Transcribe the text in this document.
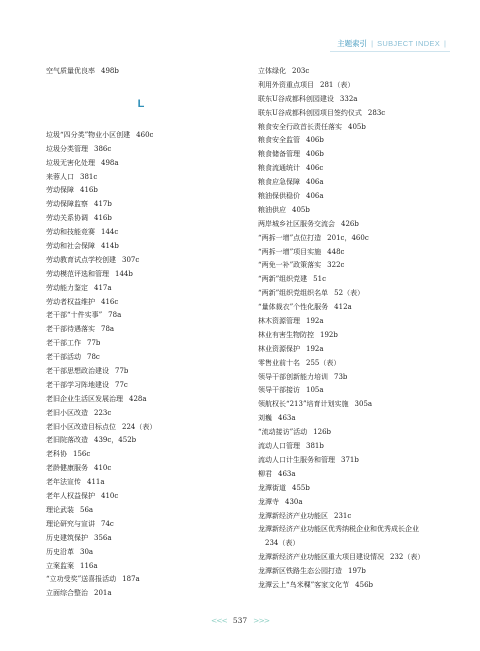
主题索引 | SUBJECT INDEX |
空气质量优良率 498b
L
垃圾“四分类”物业小区创建 460c
垃圾分类管理 386c
垃圾无害化处理 498a
来蓉人口 381c
劳动保障 416b
劳动保障监察 417b
劳动关系协调 416b
劳动和技能竞赛 144c
劳动和社会保障 414b
劳动教育试点学校创建 307c
劳动模范评选和管理 144b
劳动能力鉴定 417a
劳动者权益维护 416c
老干部“十件实事” 78a
老干部待遇落实 78a
老干部工作 77b
老干部活动 78c
老干部思想政治建设 77b
老干部学习阵地建设 77c
老旧企业生活区发展治理 428a
老旧小区改造 223c
老旧小区改造目标点位 224（表）
老旧院落改造 439c，452b
老科协 156c
老龄健康服务 410c
老年法宣传 411a
老年人权益保护 410c
理论武装 56a
理论研究与宣讲 74c
历史建筑保护 356a
历史沿革 30a
立案监案 116a
“立功受奖”送喜报活动 187a
立面综合整治 201a
立体绿化 203c
利用外资重点项目 281（表）
联东U谷成都科创园建设 332a
联东U谷成都科创园项目签约仪式 283c
粮食安全行政首长责任落实 405b
粮食安全监管 406b
粮食储备管理 406b
粮食流通统计 406c
粮食应急保障 406a
粮油保供稳价 406a
粮油供应 405b
两岸城乡社区服务交流会 426b
“两拆一增”点位打造 201c，460c
“两拆一增”项目实施 448c
“两免一补”政策落实 322c
“两新”组织党建 51c
“两新”组织党组织名单 52（表）
“量体裁衣”个性化服务 412a
林木资源管理 192a
林业有害生物防控 192b
林业资源保护 192a
零售业前十名 255（表）
领导干部创新能力培训 73b
领导干部接访 105a
领航权长“213”培育计划实施 305a
刘巍 463a
“流动接访”活动 126b
流动人口管理 381b
流动人口计生服务和管理 371b
柳君 463a
龙潭街道 455b
龙潭寺 430a
龙潭新经济产业功能区 231c
龙潭新经济产业功能区优秀纳税企业和优秀成长企业
234（表）
龙潭新经济产业功能区重大项目建设情况 232（表）
龙潭新区铁路生态公园打造 197b
龙潭云上“鸟米稞”客家文化节 456b
<<< 537 >>>
